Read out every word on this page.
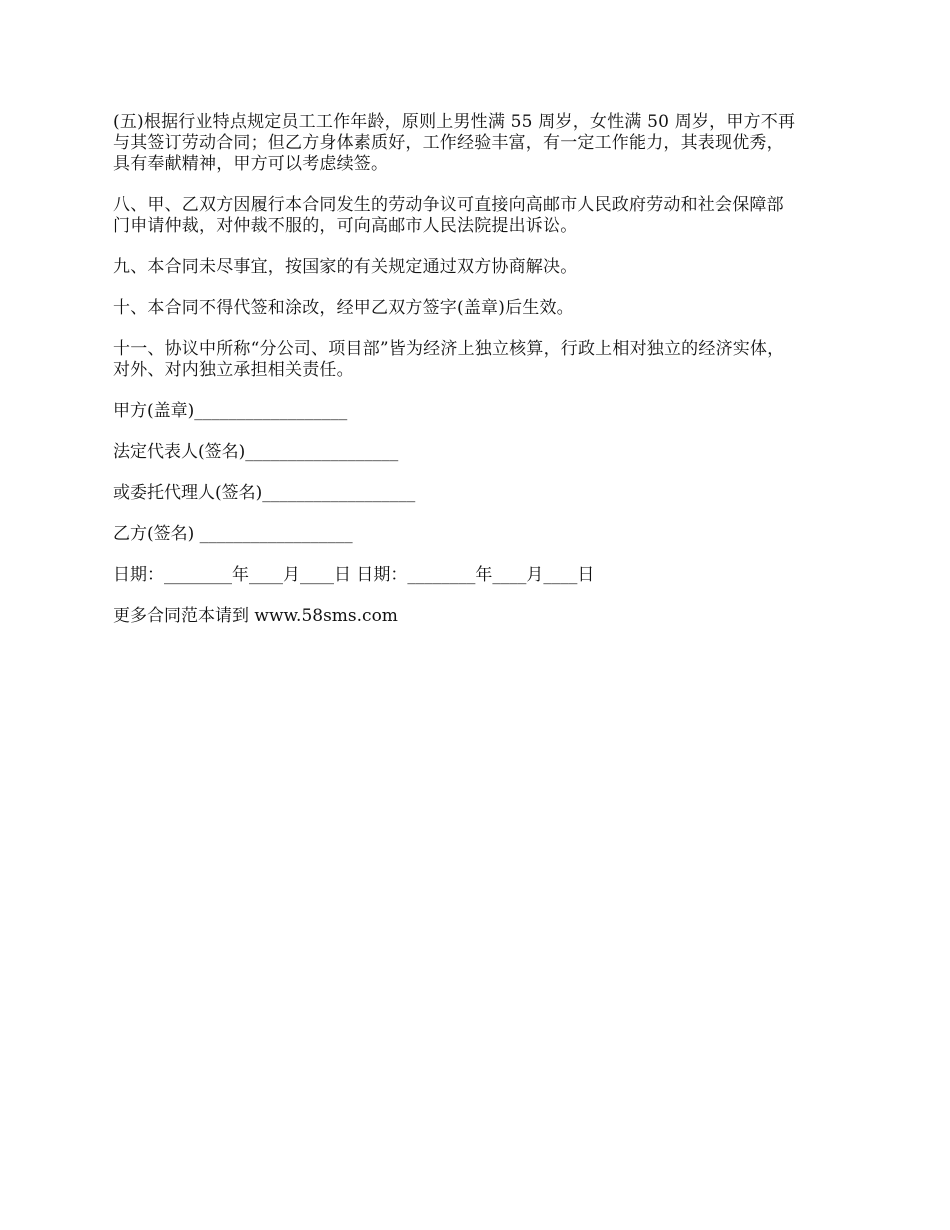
(五)根据行业特点规定员工工作年龄，原则上男性满 55 周岁，女性满 50 周岁，甲方不再
与其签订劳动合同；但乙方身体素质好，工作经验丰富，有一定工作能力，其表现优秀，
具有奉献精神，甲方可以考虑续签。

八、甲、乙双方因履行本合同发生的劳动争议可直接向高邮市人民政府劳动和社会保障部
门申请仲裁，对仲裁不服的，可向高邮市人民法院提出诉讼。

九、本合同未尽事宜，按国家的有关规定通过双方协商解决。

十、本合同不得代签和涂改，经甲乙双方签字(盖章)后生效。

十一、协议中所称“分公司、项目部”皆为经济上独立核算，行政上相对独立的经济实体，
对外、对内独立承担相关责任。

甲方(盖章)__________________

法定代表人(签名)__________________

或委托代理人(签名)__________________

乙方(签名) __________________

日期：________年____月____日 日期：________年____月____日

更多合同范本请到 www.58sms.com
